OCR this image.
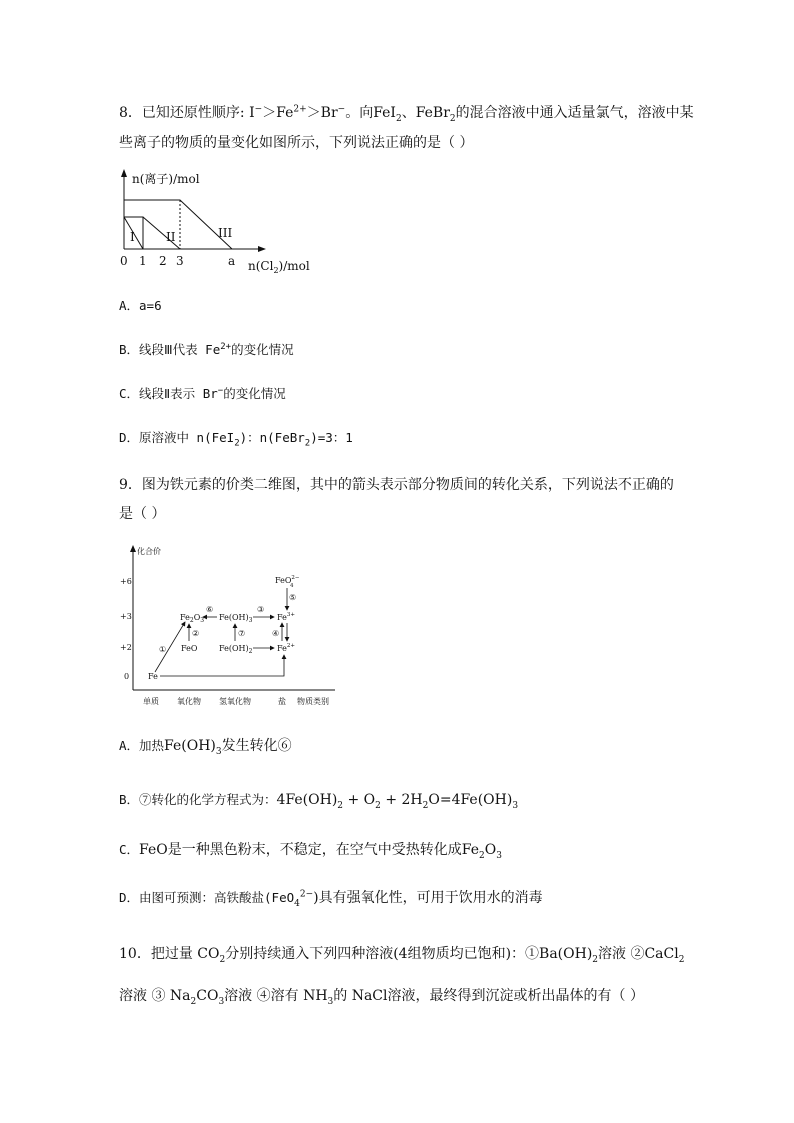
8．已知还原性顺序: $I^->Fe^{2+}>Br^-$。向FeI$_2$、FeBr$_2$的混合溶液中通入适量氯气，溶液中某
些离子的物质的量变化如图所示，下列说法正确的是（ ）
n(离子)/mol
$n(Cl_2)$/mol
I	II	III
0 1 2 3	a
A．a=6
B．线段Ⅲ代表 $Fe^{2+}$的变化情况
C．线段Ⅱ表示 Br−的变化情况
D．原溶液中 n(FeI$_2$)：n(FeBr$_2$)=3：1
9．图为铁元素的价类二维图，其中的箭头表示部分物质间的转化关系，下列说法不正确的
是（ ）
化合价
+6
+3
+2
0
单质 氧化物 氢氧化物	盐 物质类别
Fe
FeO
$Fe_2O_3$ $Fe(OH)_3$
$Fe(OH)_2$
$Fe^{3+}$
$Fe^{2+}$
FeO$^{2-}$
4
①
②
③
④
⑤
⑥
⑦
A．加热$Fe(OH)_3$发生转化⑥
B．⑦转化的化学方程式为：$4Fe(OH)_2 + O_2 + 2H_2O=4Fe(OH)_3$
C．FeO是一种黑色粉末，不稳定，在空气中受热转化成$Fe_2O_3$
D．由图可预测：高铁酸盐(FeO$_4^{2-}$)具有强氧化性，可用于饮用水的消毒
10．把过量 $CO_2$分别持续通入下列四种溶液(4组物质均已饱和)：$①Ba(OH)_2$溶液 ②CaCl$_2$
溶液 ③ $Na_2CO_3$溶液 ④溶有 $NH_3$的 NaCl溶液，最终得到沉淀或析出晶体的有（ ）
